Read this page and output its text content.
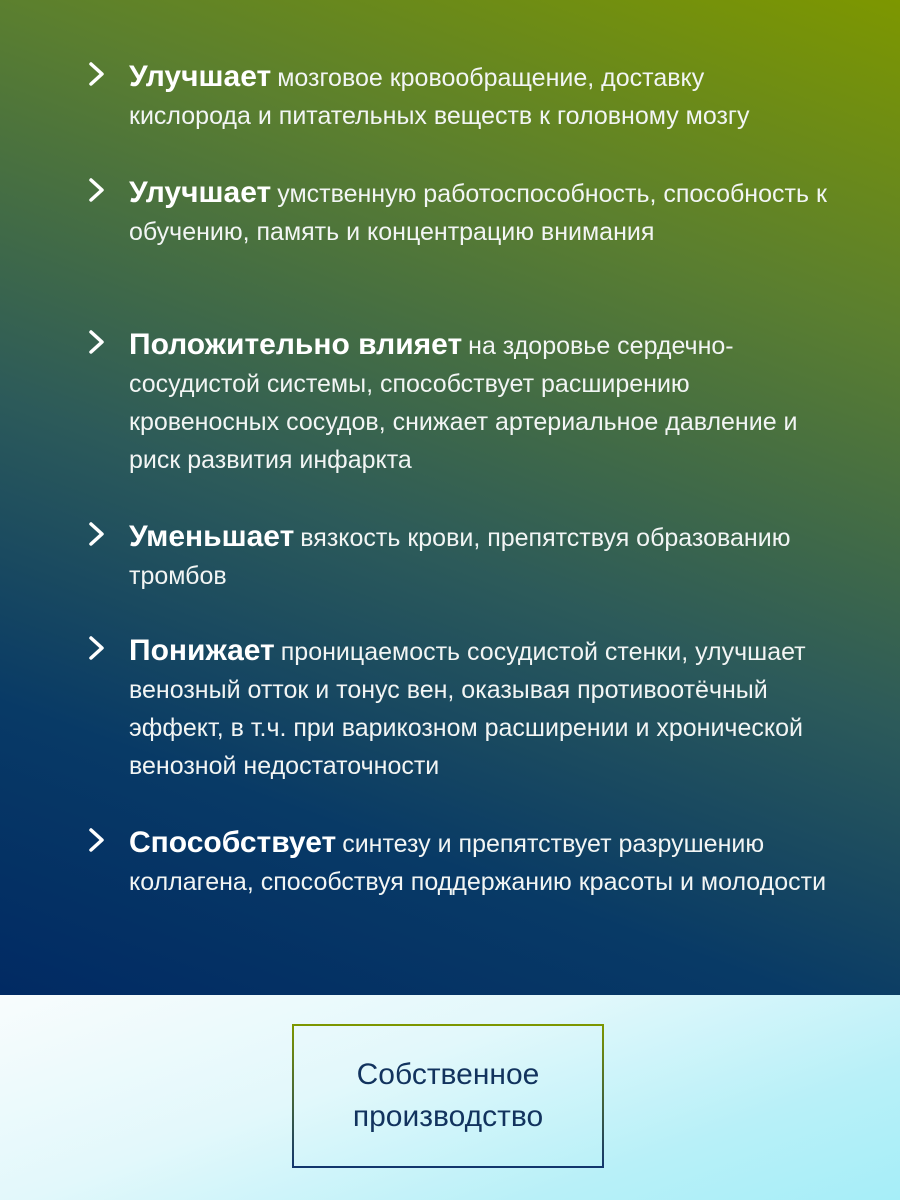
Улучшает мозговое кровообращение, доставку кислорода и питательных веществ к головному мозгу
Улучшает умственную работоспособность, способность к обучению, память и концентрацию внимания
Положительно влияет на здоровье сердечно-сосудистой системы, способствует расширению кровеносных сосудов, снижает артериальное давление и риск развития инфаркта
Уменьшает вязкость крови, препятствуя образованию тромбов
Понижает проницаемость сосудистой стенки, улучшает венозный отток и тонус вен, оказывая противоотёчный эффект, в т.ч. при варикозном расширении и хронической венозной недостаточности
Способствует синтезу и препятствует разрушению коллагена, способствуя поддержанию красоты и молодости
Собственное
производство
